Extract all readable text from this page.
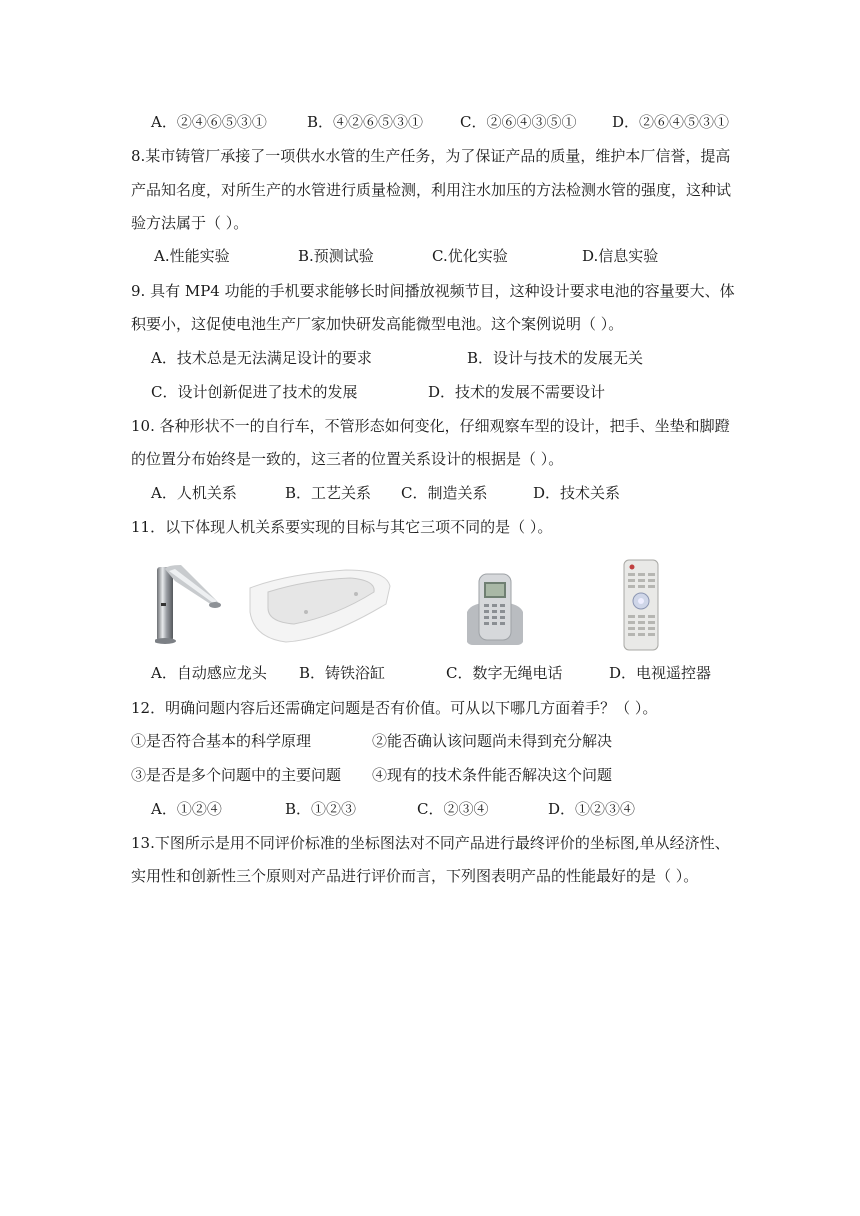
A．②④⑥⑤③①	B．④②⑥⑤③① C．②⑥④③⑤① D．②⑥④⑤③①
8.某市铸管厂承接了一项供水水管的生产任务，为了保证产品的质量，维护本厂信誉，提高
产品知名度，对所生产的水管进行质量检测，利用注水加压的方法检测水管的强度，这种试
验方法属于（ ）。
A.性能实验	B.预测试验	C.优化实验	D.信息实验
9. 具有 MP4 功能的手机要求能够长时间播放视频节目，这种设计要求电池的容量要大、体
积要小，这促使电池生产厂家加快研发高能微型电池。这个案例说明（ ）。
A．技术总是无法满足设计的要求	B．设计与技术的发展无关
C．设计创新促进了技术的发展	D．技术的发展不需要设计
10. 各种形状不一的自行车，不管形态如何变化，仔细观察车型的设计，把手、坐垫和脚蹬
的位置分布始终是一致的，这三者的位置关系设计的根据是（ ）。
A．人机关系	B．工艺关系 C．制造关系	D．技术关系
11．以下体现人机关系要实现的目标与其它三项不同的是（ ）。
A．自动感应龙头 B．铸铁浴缸	C．数字无绳电话	D．电视遥控器
12．明确问题内容后还需确定问题是否有价值。可从以下哪几方面着手？（ ）。
①是否符合基本的科学原理	②能否确认该问题尚未得到充分解决
③是否是多个问题中的主要问题 ④现有的技术条件能否解决这个问题
A．①②④	B．①②③	C．②③④	D．①②③④
13.下图所示是用不同评价标准的坐标图法对不同产品进行最终评价的坐标图,单从经济性、
实用性和创新性三个原则对产品进行评价而言，下列图表明产品的性能最好的是（ ）。
